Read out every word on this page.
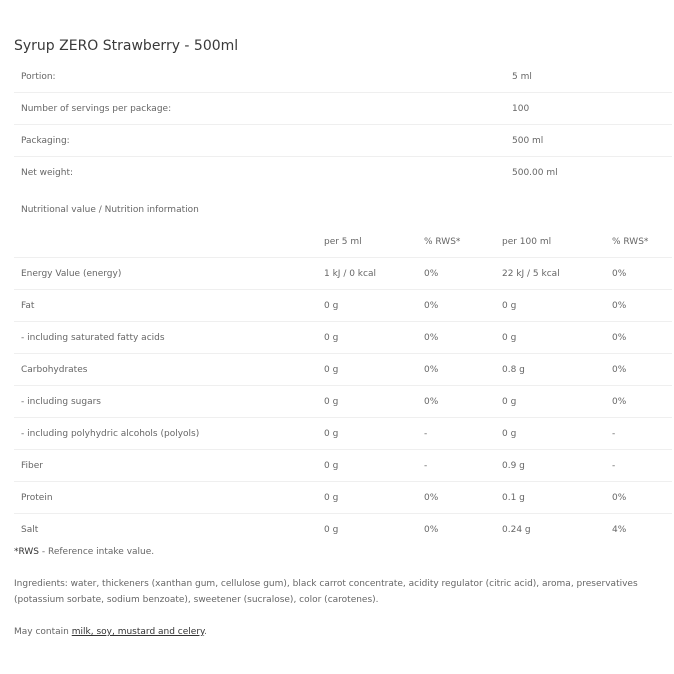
Syrup ZERO Strawberry - 500ml
Portion:	5 ml
Number of servings per package:	100
Packaging:	500 ml
Net weight:	500.00 ml
Nutritional value / Nutrition information
per 5 ml	% RWS*	per 100 ml	% RWS*
Energy Value (energy)	1 kJ / 0 kcal	0%	22 kJ / 5 kcal	0%
Fat	0 g	0%	0 g	0%
- including saturated fatty acids	0 g	0%	0 g	0%
Carbohydrates	0 g	0%	0.8 g	0%
- including sugars	0 g	0%	0 g	0%
- including polyhydric alcohols (polyols)	0 g	-	0 g	-
Fiber	0 g	-	0.9 g	-
Protein	0 g	0%	0.1 g	0%
Salt	0 g	0%	0.24 g	4%
*RWS - Reference intake value.
Ingredients: water, thickeners (xanthan gum, cellulose gum), black carrot concentrate, acidity regulator (citric acid), aroma, preservatives (potassium sorbate, sodium benzoate), sweetener (sucralose), color (carotenes).
May contain milk, soy, mustard and celery.
